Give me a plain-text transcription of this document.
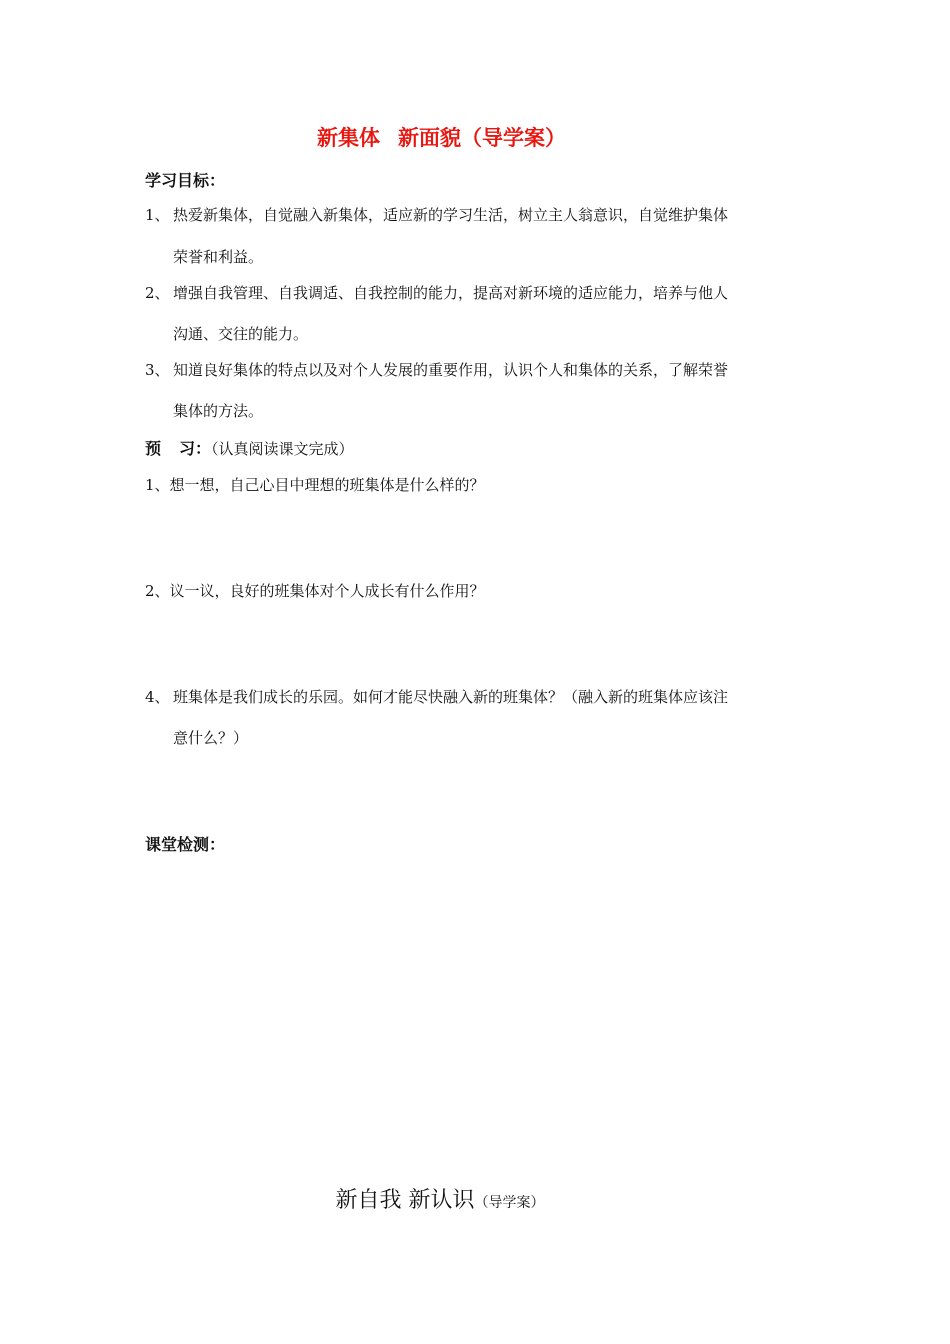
新集体 新面貌（导学案）
学习目标：
1、 热爱新集体，自觉融入新集体，适应新的学习生活，树立主人翁意识，自觉维护集体
荣誉和利益。
2、 增强自我管理、自我调适、自我控制的能力，提高对新环境的适应能力，培养与他人
沟通、交往的能力。
3、 知道良好集体的特点以及对个人发展的重要作用，认识个人和集体的关系，了解荣誉
集体的方法。
预 习：（认真阅读课文完成）
1、想一想，自己心目中理想的班集体是什么样的？
2、议一议，良好的班集体对个人成长有什么作用？
4、 班集体是我们成长的乐园。如何才能尽快融入新的班集体？（融入新的班集体应该注
意什么？）
课堂检测：
新自我 新认识（导学案）
